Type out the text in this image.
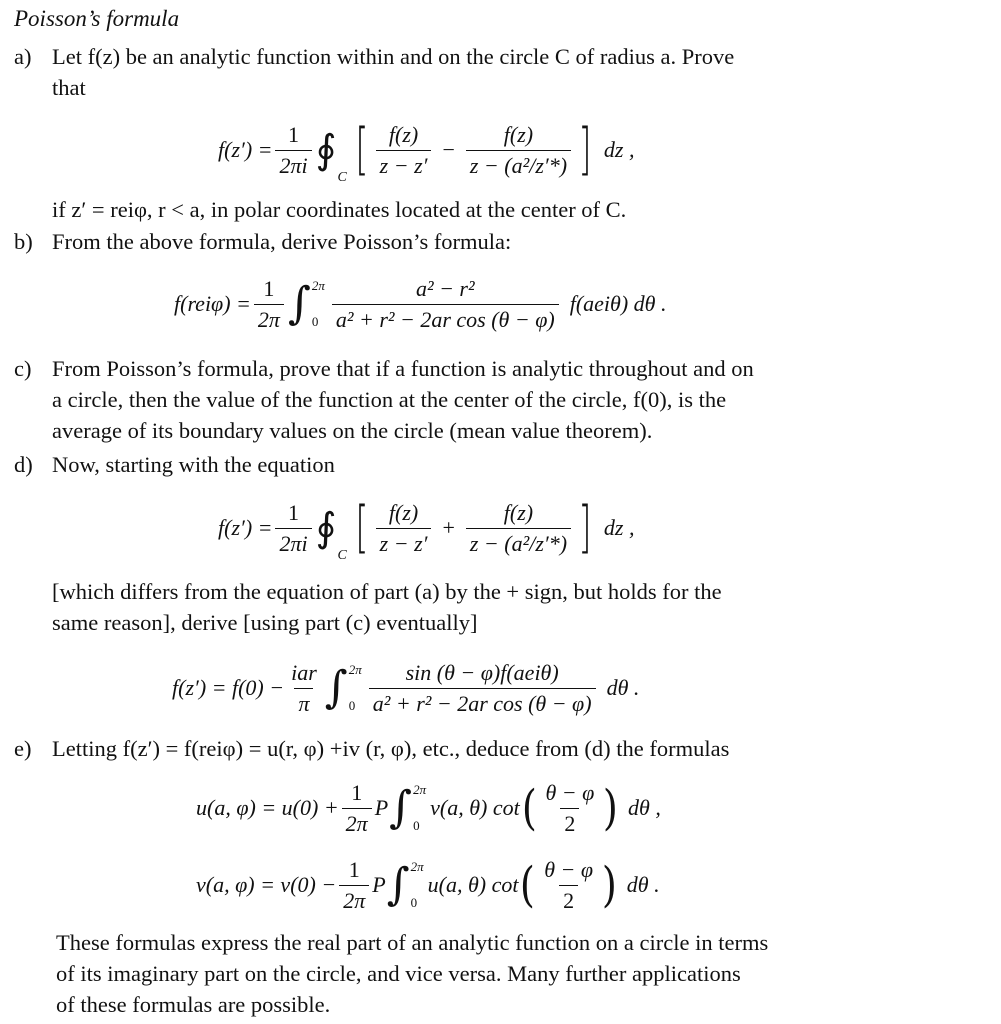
Poisson’s formula
a) Let f(z) be an analytic function within and on the circle C of radius a. Prove
that
$f(z') = \frac{1}{2\pi i}$ ∮
C [ $\frac{f(z)}{z - z'} - \frac{f(z)}{\text{z − (a²/z′*)}}$ ] dz ,
if z′ = reiφ, r < a, in polar coordinates located at the center of C.
b) From the above formula, derive Poisson’s formula:
$f(rei\varphi) = \frac{1}{2\pi}$ ∫ 2π
$0 \frac{\text{a² − r²}}{\text{a² + r² − 2ar cos (θ − φ)}} f(aei\theta)$ dθ .
c) From Poisson’s formula, prove that if a function is analytic throughout and on
a circle, then the value of the function at the center of the circle, f(0), is the
average of its boundary values on the circle (mean value theorem).
d) Now, starting with the equation
$f(z') = \frac{1}{2\pi i}$ ∮
C [ $\frac{f(z)}{z - z'} + \frac{f(z)}{\text{z − (a²/z′*)}}$ ] dz ,
[which differs from the equation of part (a) by the + sign, but holds for the
same reason], derive [using part (c) eventually]
$f(z') = f(0) - \frac{\text{iar}}{\pi}$ ∫ 2π
$0 \frac{\text{sin (θ − φ)f(aeiθ)}}{\text{a² + r² − 2ar cos (θ − φ)}}$ dθ .
e) Letting f(z′) = f(reiφ) = u(r, φ) +iv (r, φ), etc., deduce from (d) the formulas
u(a, $\varphi) = u(0) + \frac{1}{2\pi}$ P ∫ 2π
0
v(a, θ) cot ( $\frac{\theta - \varphi}{2}$ ) dθ ,
v(a, $\varphi) = v(0) - \frac{1}{2\pi}$ P ∫ 2π
0
u(a, θ) cot ( $\frac{\theta - \varphi}{2}$ ) dθ .
These formulas express the real part of an analytic function on a circle in terms
of its imaginary part on the circle, and vice versa. Many further applications
of these formulas are possible.
